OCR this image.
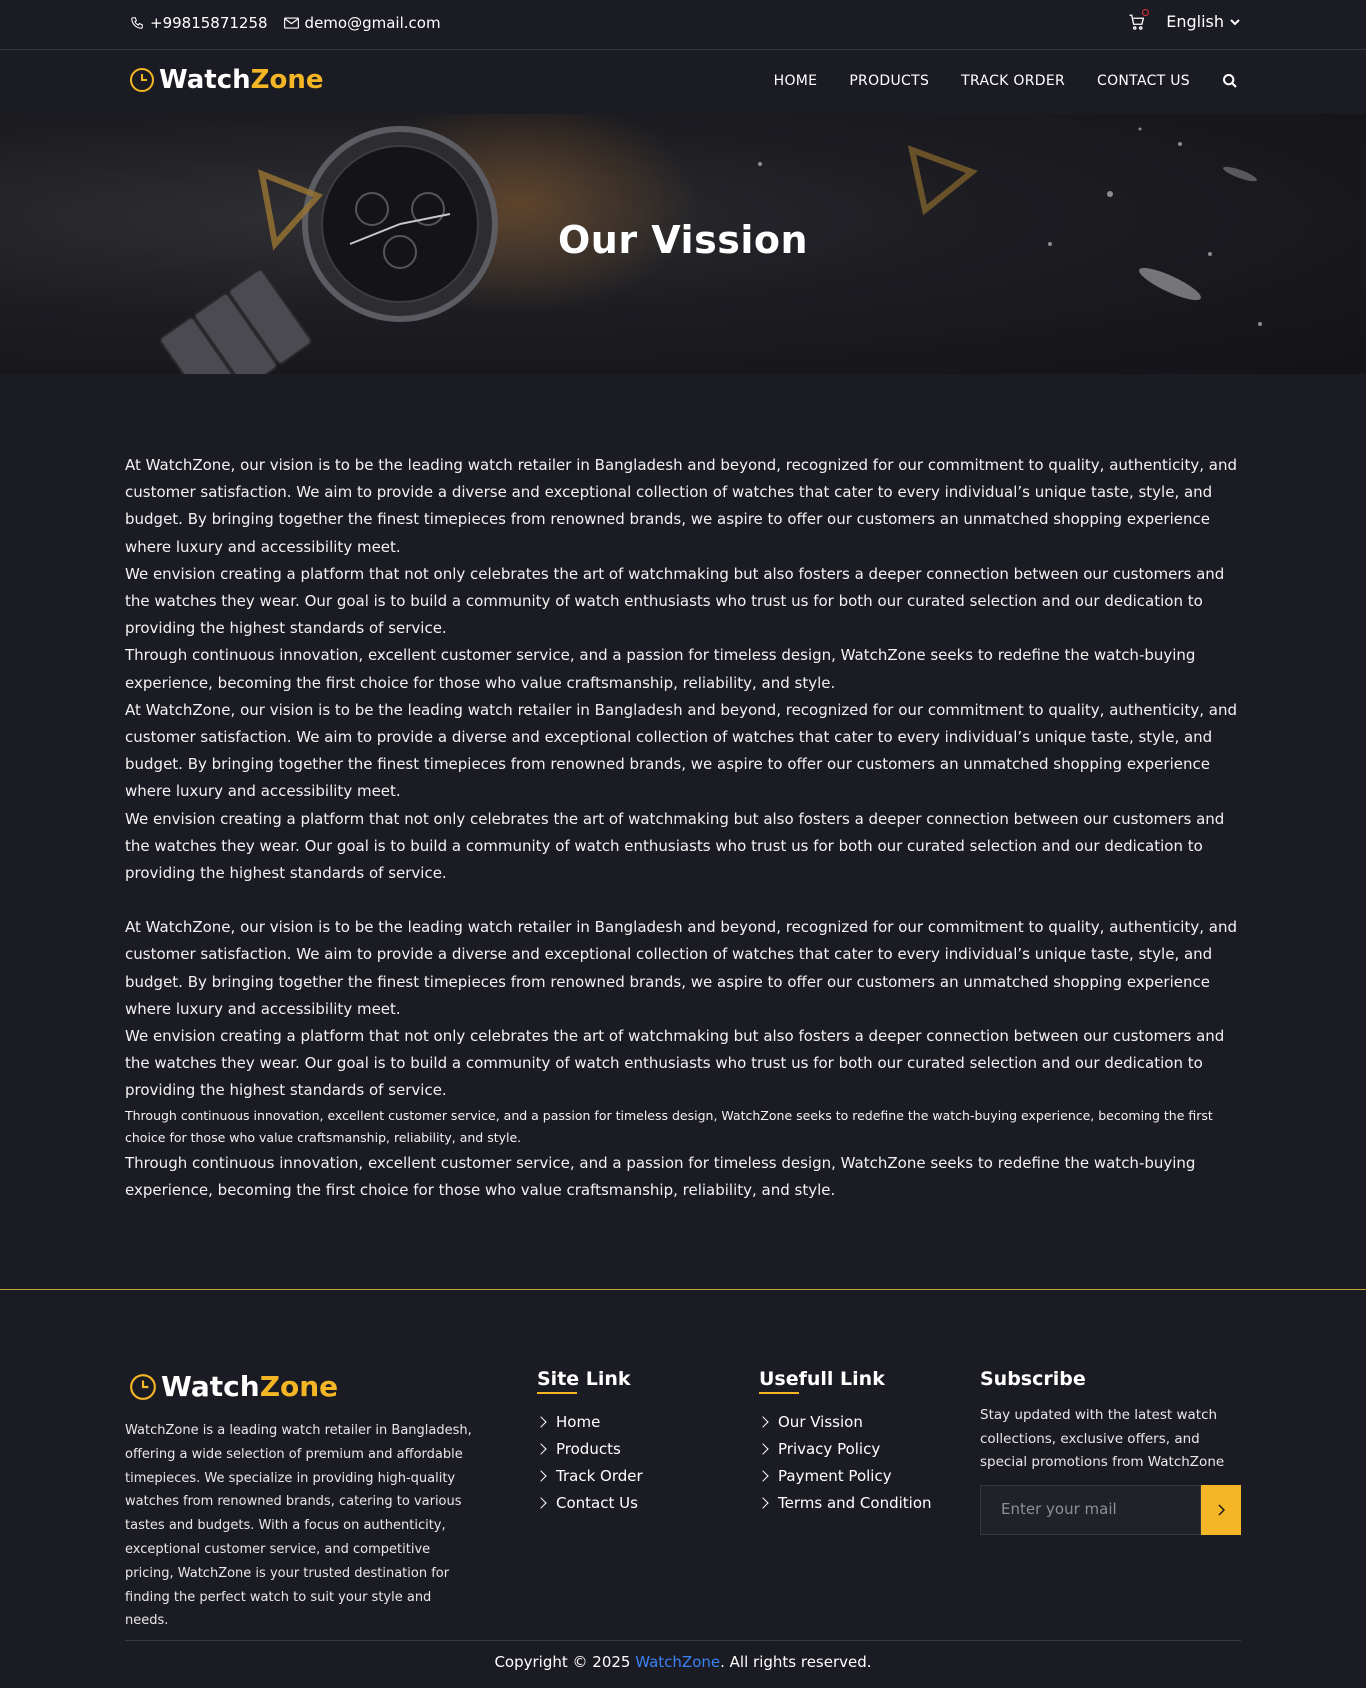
+99815871258 demo@gmail.com	English
WatchZone	HOME PRODUCTS TRACK ORDER CONTACT US
Our Vission

At WatchZone, our vision is to be the leading watch retailer in Bangladesh and beyond, recognized for our commitment to quality, authenticity, and customer satisfaction. We aim to provide a diverse and exceptional collection of watches that cater to every individual’s unique taste, style, and budget. By bringing together the finest timepieces from renowned brands, we aspire to offer our customers an unmatched shopping experience where luxury and accessibility meet.

We envision creating a platform that not only celebrates the art of watchmaking but also fosters a deeper connection between our customers and the watches they wear. Our goal is to build a community of watch enthusiasts who trust us for both our curated selection and our dedication to providing the highest standards of service.

Through continuous innovation, excellent customer service, and a passion for timeless design, WatchZone seeks to redefine the watch-buying experience, becoming the first choice for those who value craftsmanship, reliability, and style.

At WatchZone, our vision is to be the leading watch retailer in Bangladesh and beyond, recognized for our commitment to quality, authenticity, and customer satisfaction. We aim to provide a diverse and exceptional collection of watches that cater to every individual’s unique taste, style, and budget. By bringing together the finest timepieces from renowned brands, we aspire to offer our customers an unmatched shopping experience where luxury and accessibility meet.

We envision creating a platform that not only celebrates the art of watchmaking but also fosters a deeper connection between our customers and the watches they wear. Our goal is to build a community of watch enthusiasts who trust us for both our curated selection and our dedication to providing the highest standards of service.

At WatchZone, our vision is to be the leading watch retailer in Bangladesh and beyond, recognized for our commitment to quality, authenticity, and customer satisfaction. We aim to provide a diverse and exceptional collection of watches that cater to every individual’s unique taste, style, and budget. By bringing together the finest timepieces from renowned brands, we aspire to offer our customers an unmatched shopping experience where luxury and accessibility meet.

We envision creating a platform that not only celebrates the art of watchmaking but also fosters a deeper connection between our customers and the watches they wear. Our goal is to build a community of watch enthusiasts who trust us for both our curated selection and our dedication to providing the highest standards of service.

Through continuous innovation, excellent customer service, and a passion for timeless design, WatchZone seeks to redefine the watch-buying experience, becoming the first choice for those who value craftsmanship, reliability, and style.

Through continuous innovation, excellent customer service, and a passion for timeless design, WatchZone seeks to redefine the watch-buying experience, becoming the first choice for those who value craftsmanship, reliability, and style.

WatchZone

WatchZone is a leading watch retailer in Bangladesh, offering a wide selection of premium and affordable timepieces. We specialize in providing high-quality watches from renowned brands, catering to various tastes and budgets. With a focus on authenticity, exceptional customer service, and competitive pricing, WatchZone is your trusted destination for finding the perfect watch to suit your style and needs.

Site Link
Home
Products
Track Order
Contact Us
Usefull Link
Our Vission
Privacy Policy
Payment Policy
Terms and Condition
Subscribe

Stay updated with the latest watch collections, exclusive offers, and special promotions from WatchZone

Enter your mail
Copyright © 2025 WatchZone. All rights reserved.
